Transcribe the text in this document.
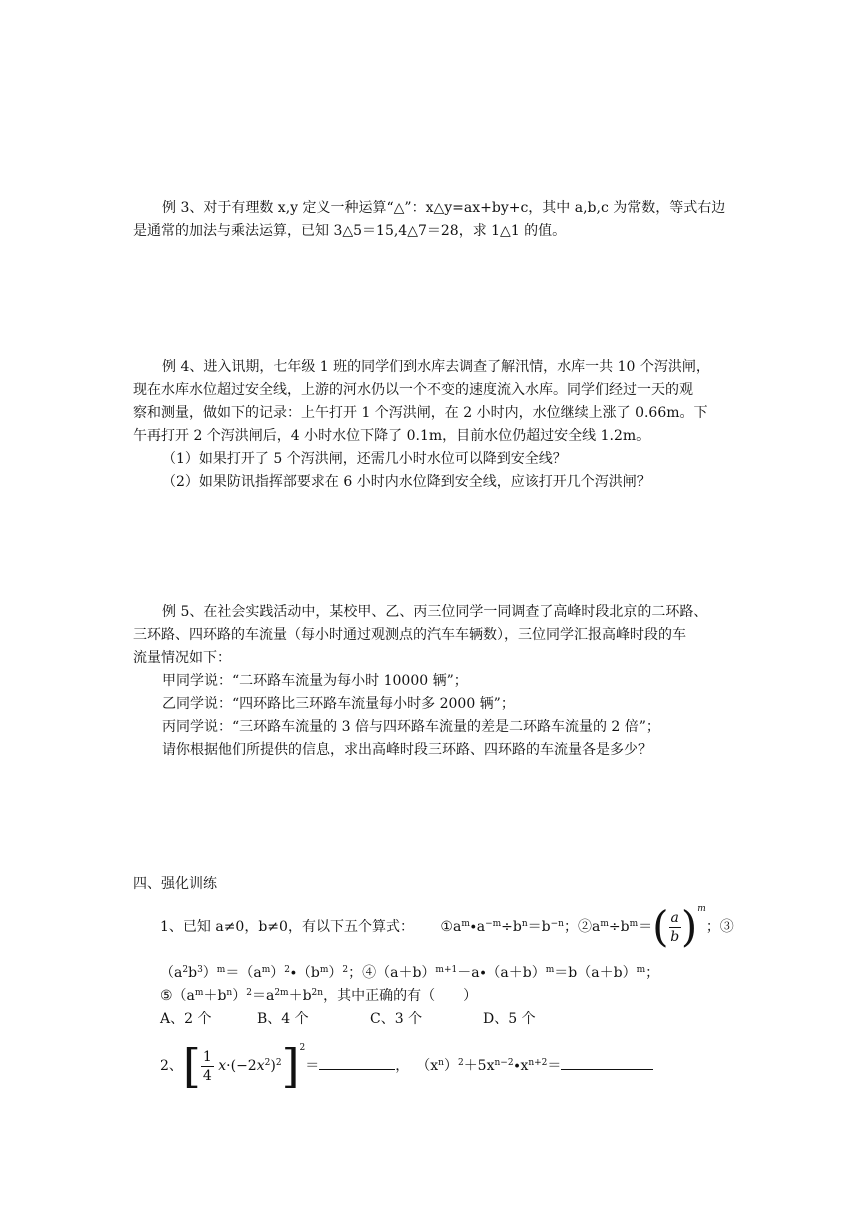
例 3、对于有理数 x,y 定义一种运算“△”：x△y=ax+by+c，其中 a,b,c 为常数，等式右边
是通常的加法与乘法运算，已知 3△5＝15,4△7＝28，求 1△1 的值。
例 4、进入讯期，七年级 1 班的同学们到水库去调查了解汛情，水库一共 10 个泻洪闸，
现在水库水位超过安全线，上游的河水仍以一个不变的速度流入水库。同学们经过一天的观
察和测量，做如下的记录：上午打开 1 个泻洪闸，在 2 小时内，水位继续上涨了 0.66m。下
午再打开 2 个泻洪闸后，4 小时水位下降了 0.1m，目前水位仍超过安全线 1.2m。
（1）如果打开了 5 个泻洪闸，还需几小时水位可以降到安全线？
（2）如果防讯指挥部要求在 6 小时内水位降到安全线，应该打开几个泻洪闸？
例 5、在社会实践活动中，某校甲、乙、丙三位同学一同调查了高峰时段北京的二环路、
三环路、四环路的车流量（每小时通过观测点的汽车车辆数），三位同学汇报高峰时段的车
流量情况如下：
甲同学说：“二环路车流量为每小时 10000 辆”；
乙同学说：“四环路比三环路车流量每小时多 2000 辆”；
丙同学说：“三环路车流量的 3 倍与四环路车流量的差是二环路车流量的 2 倍”；
请你根据他们所提供的信息，求出高峰时段三环路、四环路的车流量各是多少？
四、强化训练
1、已知 a≠0，b≠0，有以下五个算式： $①a^m\cdot a^{-m}\div b^n=b^{-n}$；$②a^m\div b^m=( \frac{a}{b} )^m$；③
$(a^2b^3)^m=(a^m)^2\cdot(b^m)^2$；$④(a+b)^{m+1}-a\cdot(a+b)^m=b(a+b)^m$；
$⑤(a^m+b^n)^2=a^{2m}+b^{2n}$，其中正确的有（　　）
A、2 个	B、4 个	C、3 个	D、5 个
2、[ $\frac{1}{4} x\cdot(-2x^2)^2]^2=$	， $(x^n)^2+5x^{n-2}\cdot x^{n+2}=$
